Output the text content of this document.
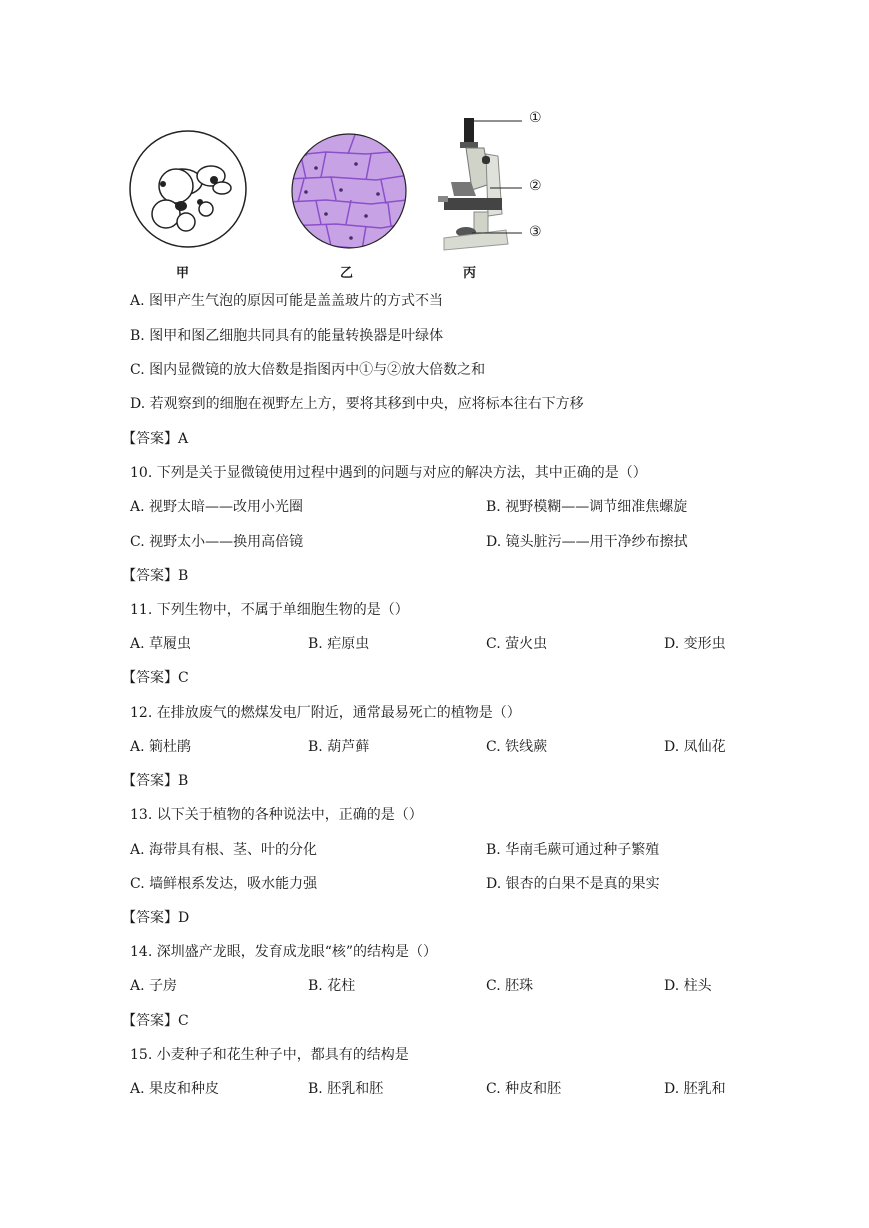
甲	乙	丙
①
②
③
A. 图甲产生气泡的原因可能是盖盖玻片的方式不当
B. 图甲和图乙细胞共同具有的能量转换器是叶绿体
C. 图内显微镜的放大倍数是指图丙中①与②放大倍数之和
D. 若观察到的细胞在视野左上方，要将其移到中央，应将标本往右下方移
【答案】A
10. 下列是关于显微镜使用过程中遇到的问题与对应的解决方法，其中正确的是（）
A. 视野太暗——改用小光圈	B. 视野模糊——调节细准焦螺旋
C. 视野太小——换用高倍镜	D. 镜头脏污——用干净纱布擦拭
【答案】B
11. 下列生物中，不属于单细胞生物的是（）
A. 草履虫	B. 疟原虫	C. 萤火虫	D. 变形虫
【答案】C
12. 在排放废气的燃煤发电厂附近，通常最易死亡的植物是（）
A. 箣杜鹃	B. 葫芦藓	C. 铁线蕨	D. 凤仙花
【答案】B
13. 以下关于植物的各种说法中，正确的是（）
A. 海带具有根、茎、叶的分化	B. 华南毛蕨可通过种子繁殖
C. 墙鲜根系发达，吸水能力强	D. 银杏的白果不是真的果实
【答案】D
14. 深圳盛产龙眼，发育成龙眼“核”的结构是（）
A. 子房	B. 花柱	C. 胚珠	D. 柱头
【答案】C
15. 小麦种子和花生种子中，都具有的结构是
A. 果皮和种皮	B. 胚乳和胚	C. 种皮和胚	D. 胚乳和
